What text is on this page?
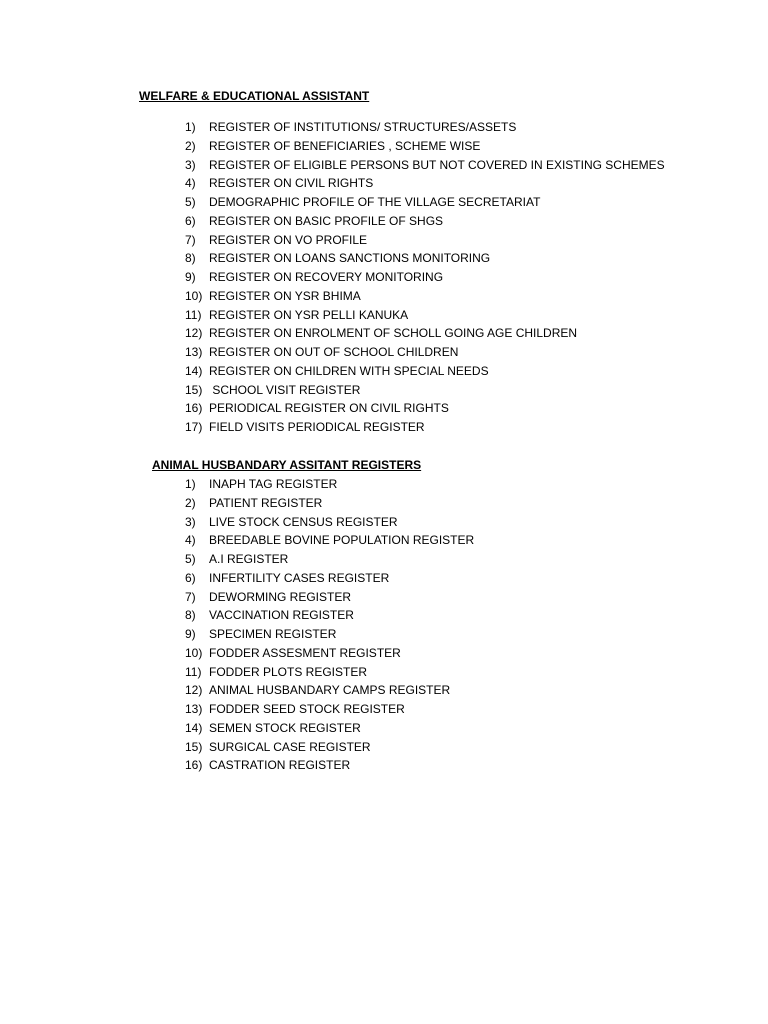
WELFARE & EDUCATIONAL ASSISTANT
1) REGISTER OF INSTITUTIONS/ STRUCTURES/ASSETS
2) REGISTER OF BENEFICIARIES , SCHEME WISE
3) REGISTER OF ELIGIBLE PERSONS BUT NOT COVERED IN EXISTING SCHEMES
4) REGISTER ON CIVIL RIGHTS
5) DEMOGRAPHIC PROFILE OF THE VILLAGE SECRETARIAT
6) REGISTER ON BASIC PROFILE OF SHGS
7) REGISTER ON VO PROFILE
8) REGISTER ON LOANS SANCTIONS MONITORING
9) REGISTER ON RECOVERY MONITORING
10) REGISTER ON YSR BHIMA
11) REGISTER ON YSR PELLI KANUKA
12) REGISTER ON ENROLMENT OF SCHOLL GOING AGE CHILDREN
13) REGISTER ON OUT OF SCHOOL CHILDREN
14) REGISTER ON CHILDREN WITH SPECIAL NEEDS
15) SCHOOL VISIT REGISTER
16) PERIODICAL REGISTER ON CIVIL RIGHTS
17) FIELD VISITS PERIODICAL REGISTER
ANIMAL HUSBANDARY ASSITANT REGISTERS
1) INAPH TAG REGISTER
2) PATIENT REGISTER
3) LIVE STOCK CENSUS REGISTER
4) BREEDABLE BOVINE POPULATION REGISTER
5) A.I REGISTER
6) INFERTILITY CASES REGISTER
7) DEWORMING REGISTER
8) VACCINATION REGISTER
9) SPECIMEN REGISTER
10) FODDER ASSESMENT REGISTER
11) FODDER PLOTS REGISTER
12) ANIMAL HUSBANDARY CAMPS REGISTER
13) FODDER SEED STOCK REGISTER
14) SEMEN STOCK REGISTER
15) SURGICAL CASE REGISTER
16) CASTRATION REGISTER
